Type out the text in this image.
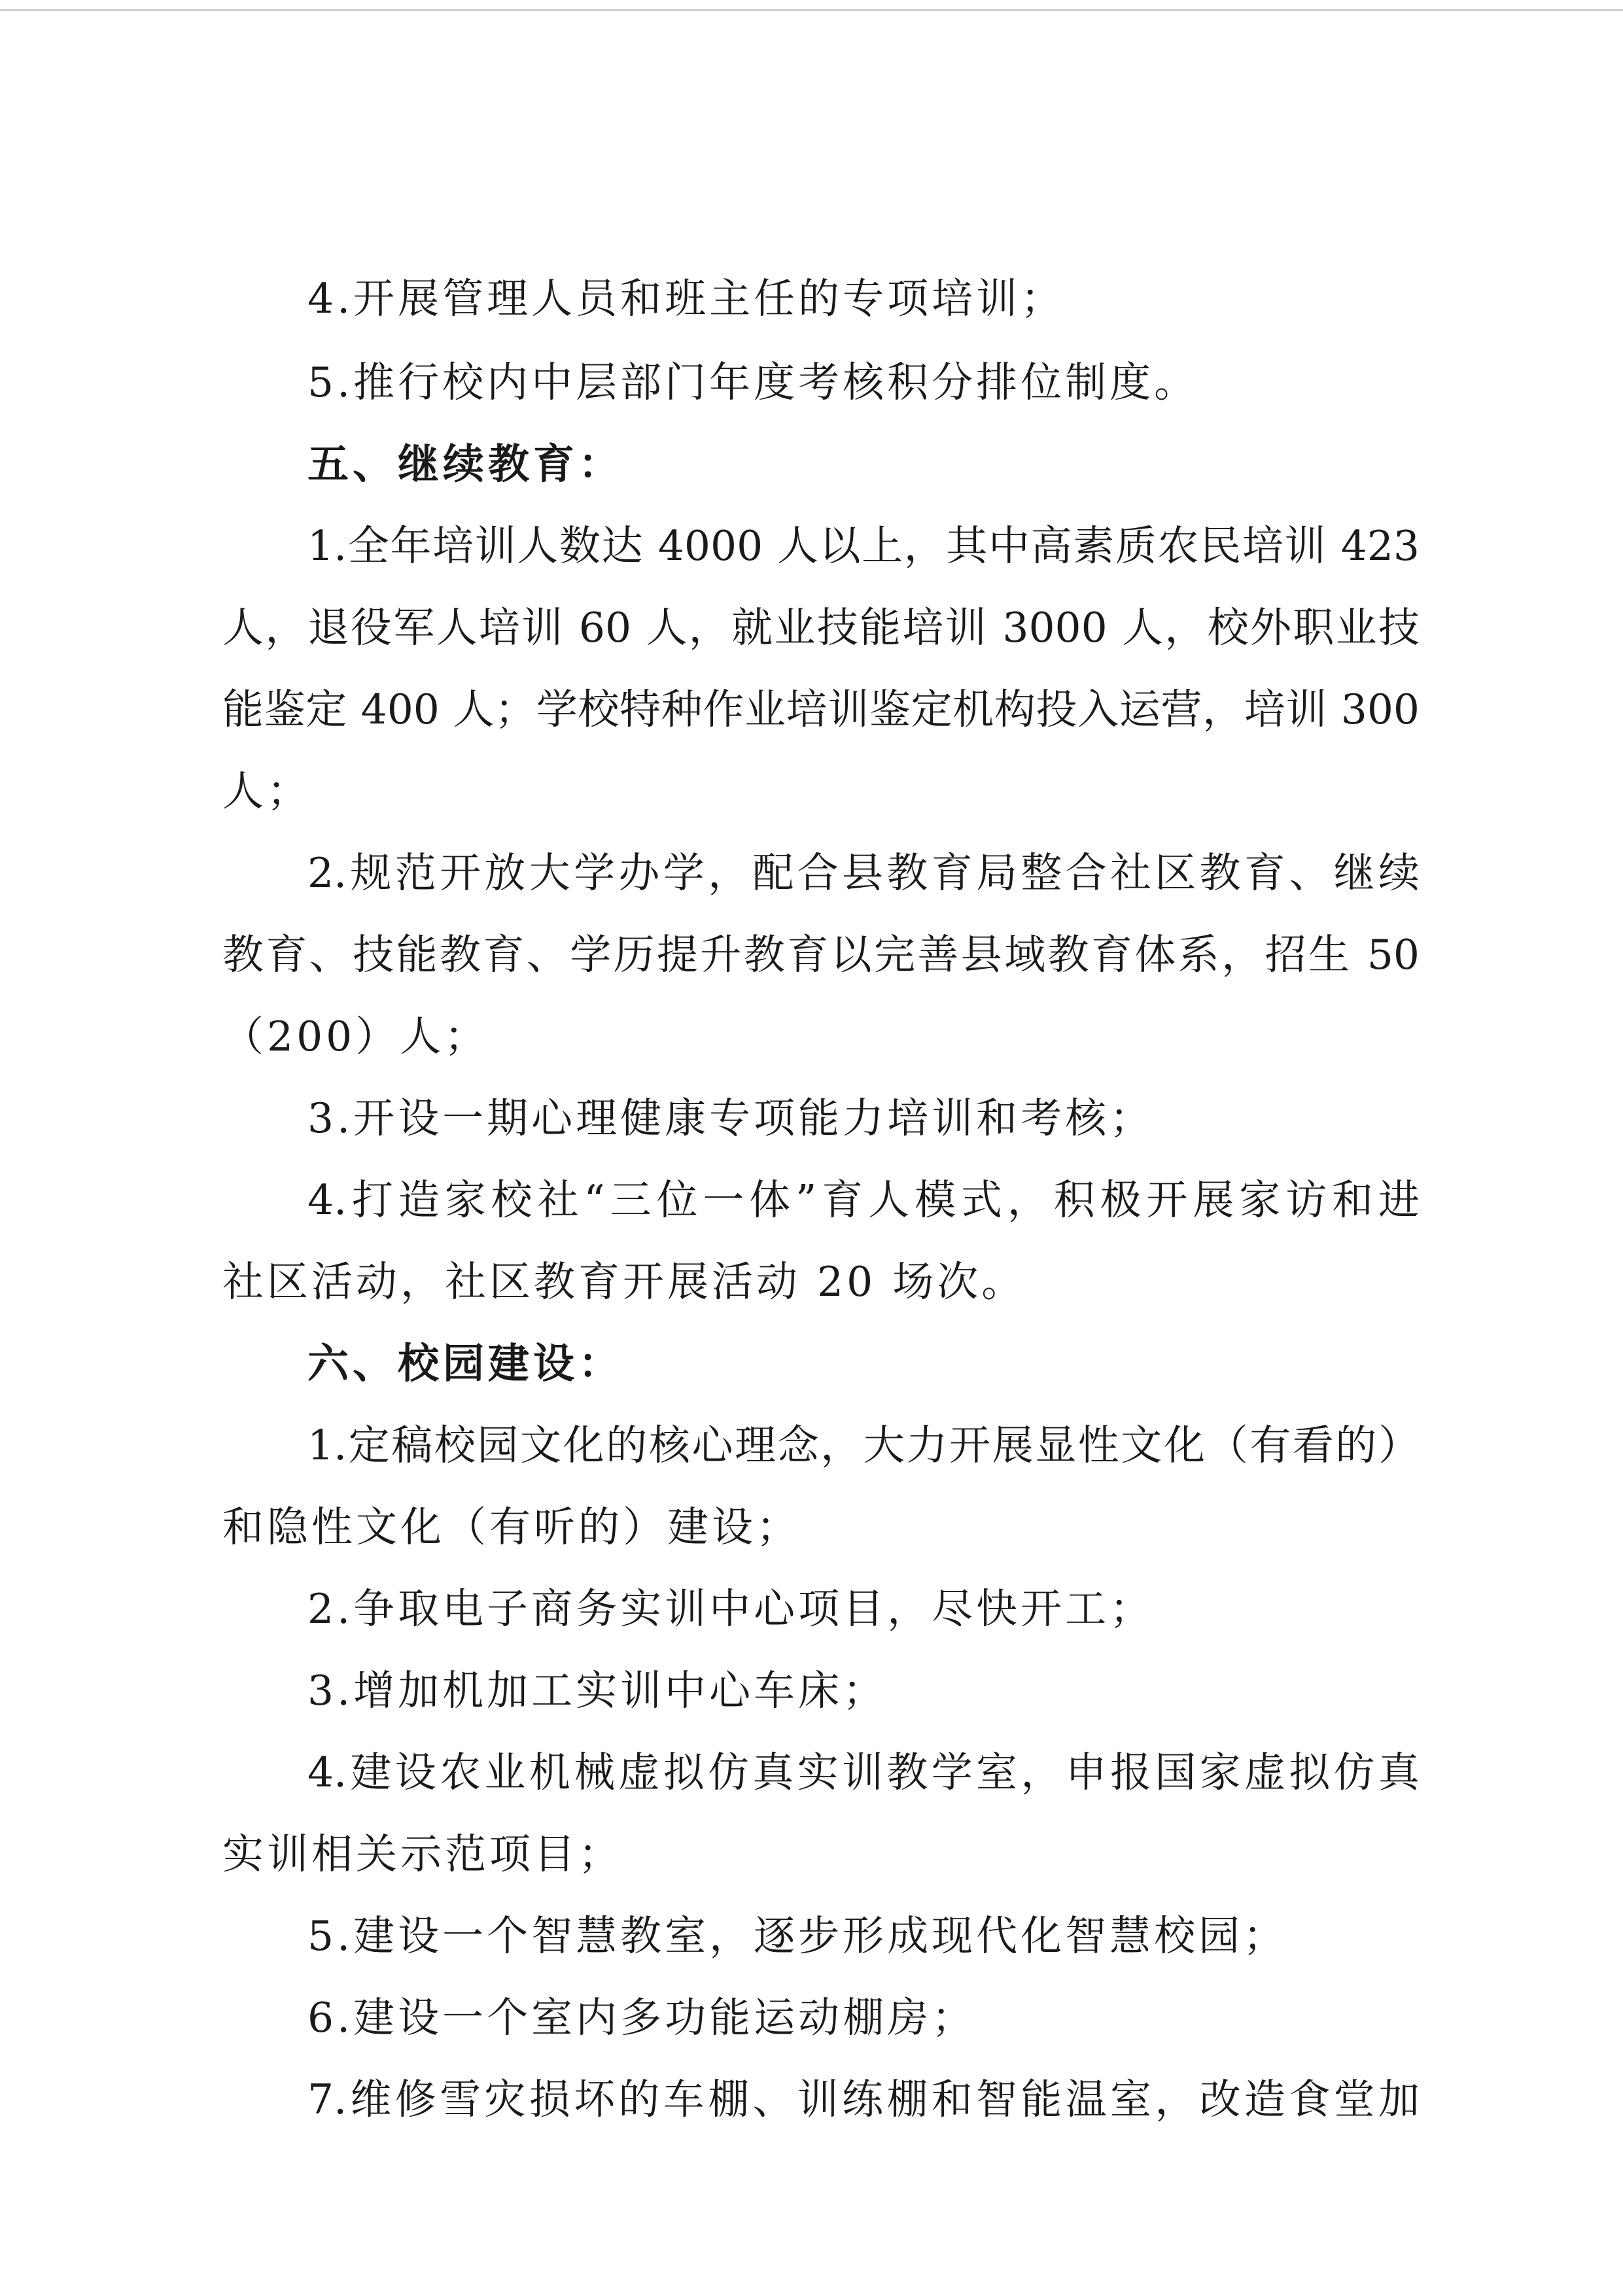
4.开展管理人员和班主任的专项培训；
5.推行校内中层部门年度考核积分排位制度。
五、继续教育：
1.全年培训人数达 4000 人以上，其中高素质农民培训 423
人，退役军人培训 60 人，就业技能培训 3000 人，校外职业技
能鉴定 400 人；学校特种作业培训鉴定机构投入运营，培训 300
人；
2.规范开放大学办学，配合县教育局整合社区教育、继续
教育、技能教育、学历提升教育以完善县域教育体系，招生 50
（200）人；
3.开设一期心理健康专项能力培训和考核；
4.打造家校社“三位一体”育人模式，积极开展家访和进
社区活动，社区教育开展活动 20 场次。
六、校园建设：
1.定稿校园文化的核心理念，大力开展显性文化（有看的）
和隐性文化（有听的）建设；
2.争取电子商务实训中心项目，尽快开工；
3.增加机加工实训中心车床；
4.建设农业机械虚拟仿真实训教学室，申报国家虚拟仿真
实训相关示范项目；
5.建设一个智慧教室，逐步形成现代化智慧校园；
6.建设一个室内多功能运动棚房；
7.维修雪灾损坏的车棚、训练棚和智能温室，改造食堂加
